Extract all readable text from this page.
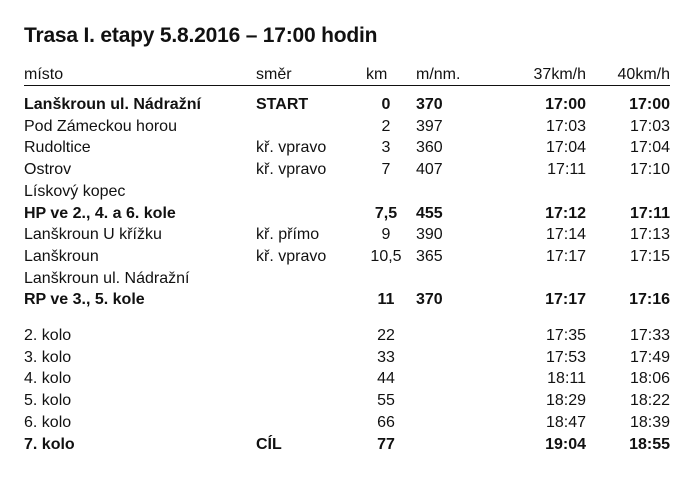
Trasa I. etapy 5.8.2016 – 17:00 hodin
místo	směr	km	m/nm.	37km/h	40km/h
Lanškroun ul. Nádražní	START	0	370	17:00	17:00
Pod Zámeckou horou		2	397	17:03	17:03
Rudoltice	kř. vpravo	3	360	17:04	17:04
Ostrov	kř. vpravo	7	407	17:11	17:10
Lískový kopec					
HP ve 2., 4. a 6. kole		7,5	455	17:12	17:11
Lanškroun U křížku	kř. přímo	9	390	17:14	17:13
Lanškroun	kř. vpravo	10,5	365	17:17	17:15
Lanškroun ul. Nádražní					
RP ve 3., 5. kole		11	370	17:17	17:16

2. kolo		22		17:35	17:33
3. kolo		33		17:53	17:49
4. kolo		44		18:11	18:06
5. kolo		55		18:29	18:22
6. kolo		66		18:47	18:39
7. kolo	CÍL	77		19:04	18:55
